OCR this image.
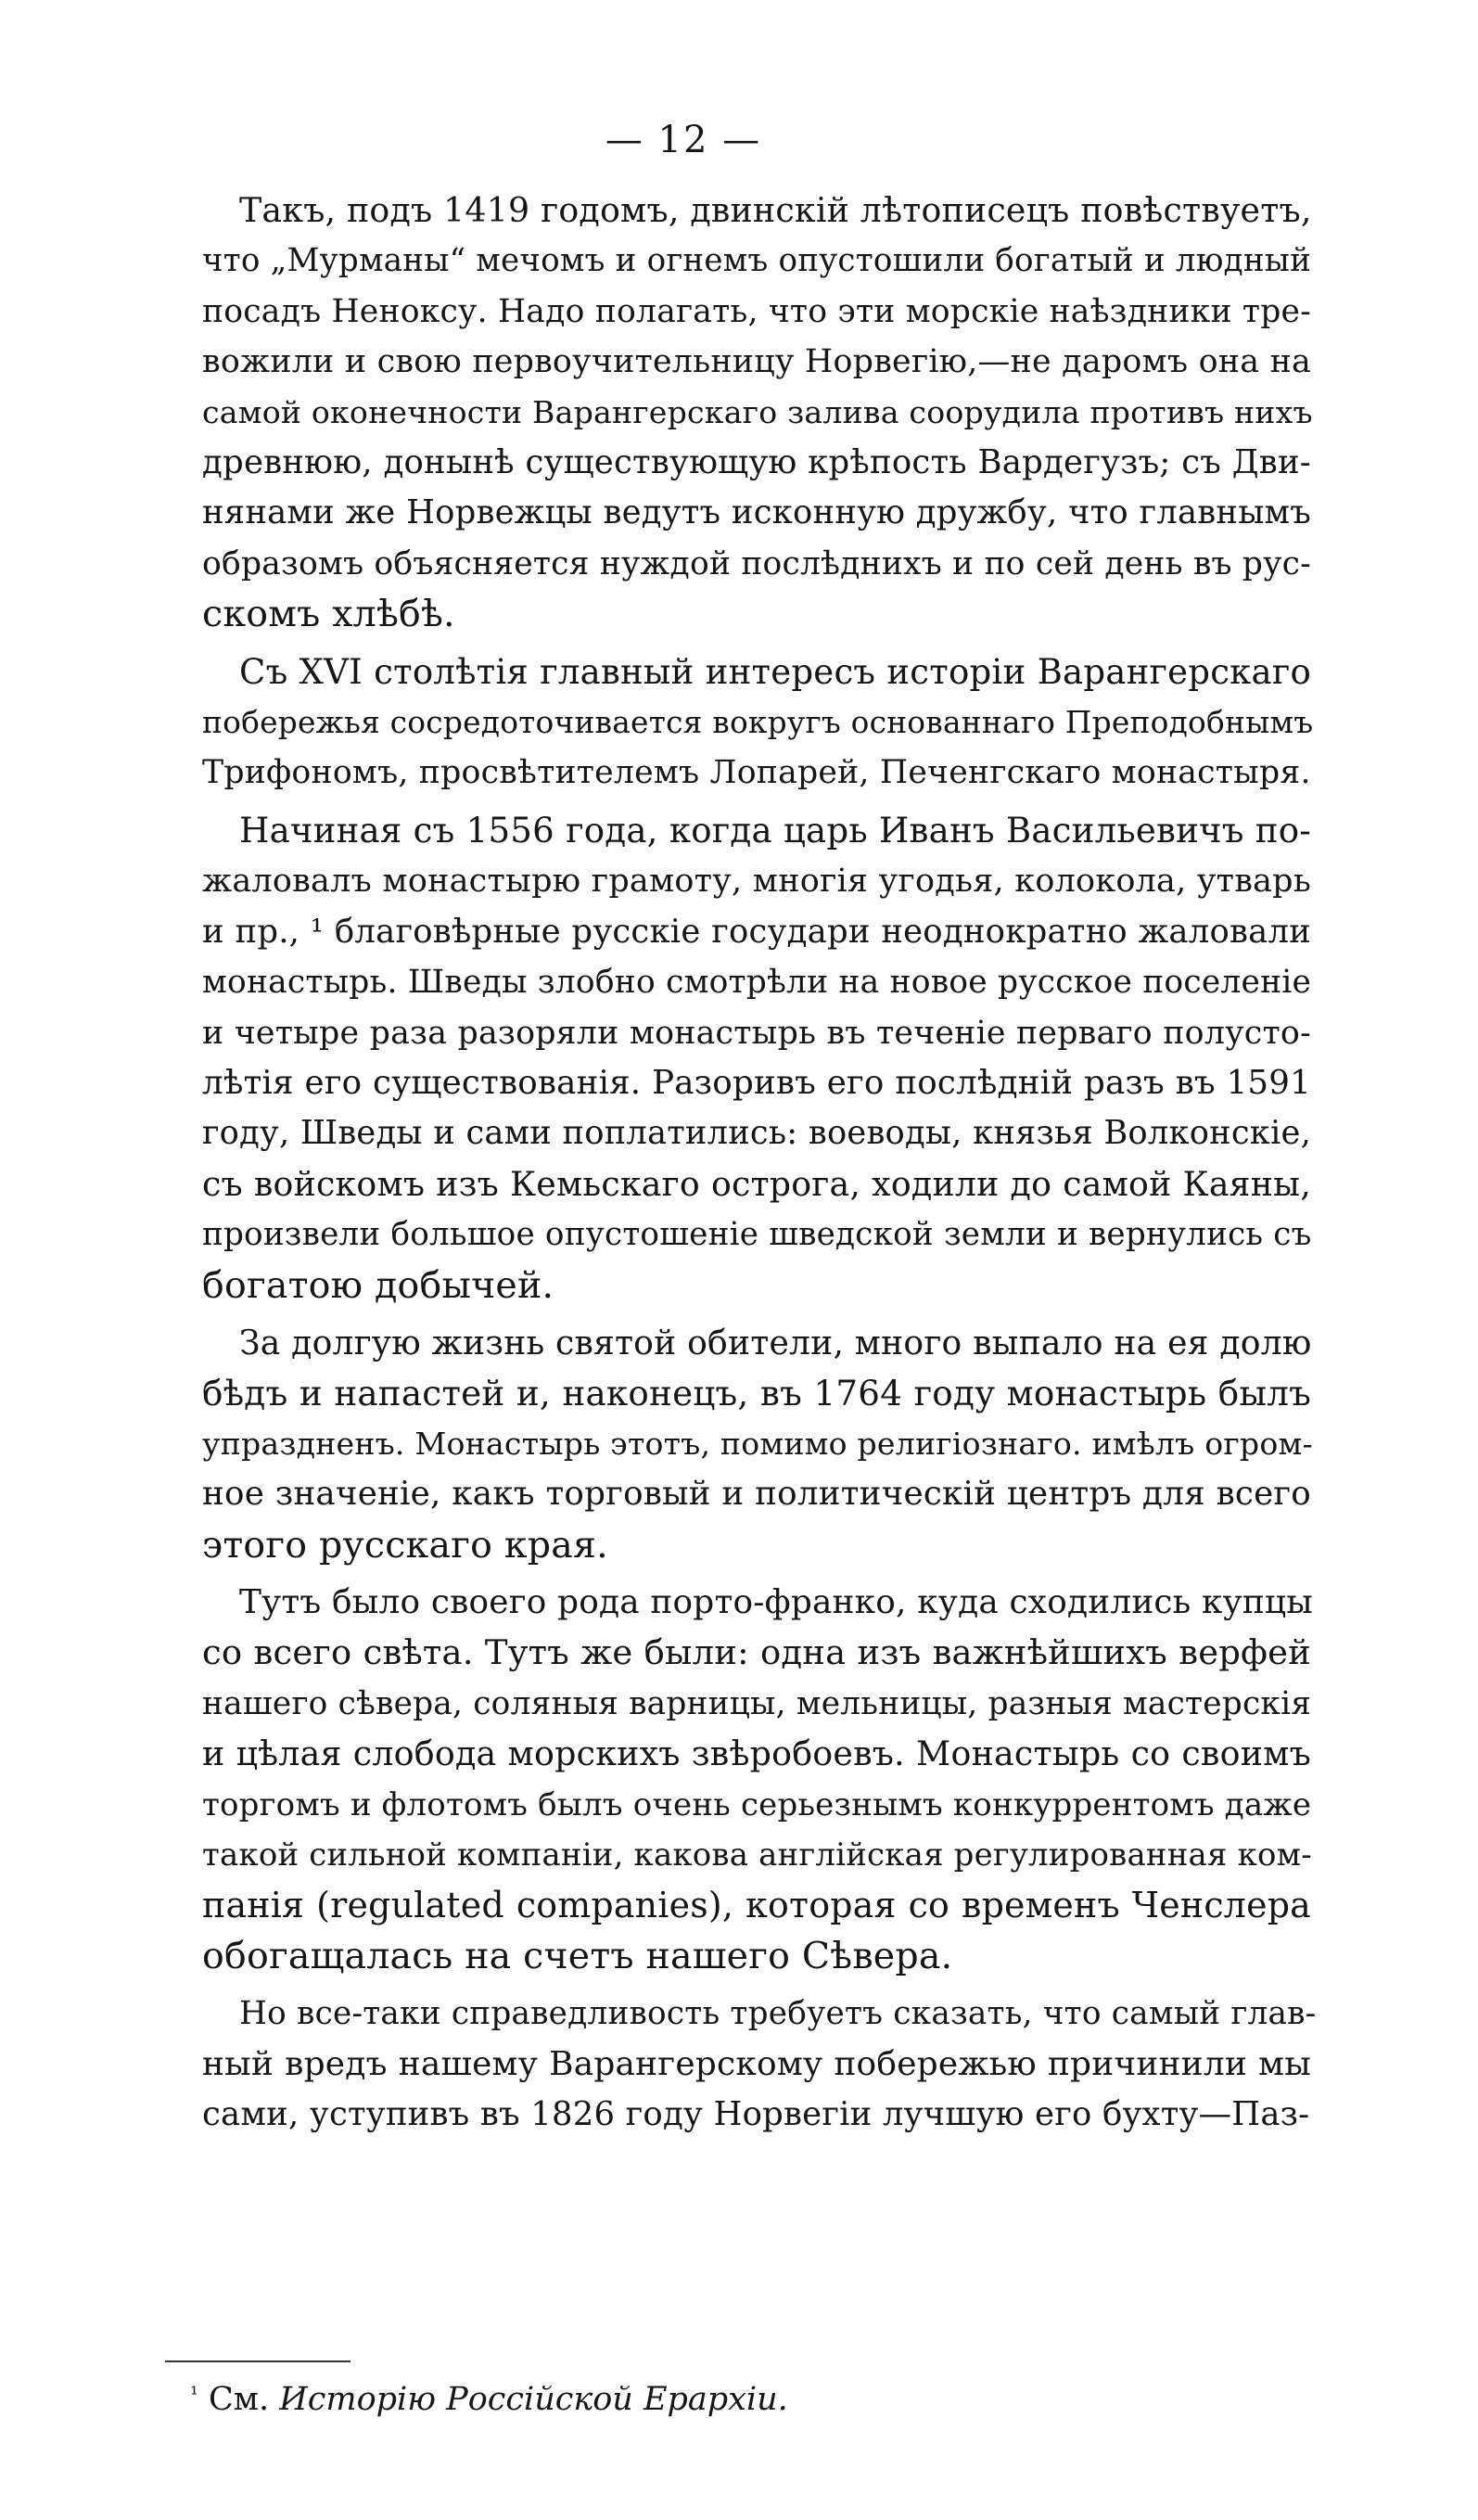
— 12 —
Такъ, подъ 1419 годомъ, двинскій лѣтописецъ повѣствуетъ,
что „Мурманы“ мечомъ и огнемъ опустошили богатый и людный
посадъ Неноксу. Надо полагать, что эти морскіе наѣздники тре-
вожили и свою первоучительницу Норвегію,—не даромъ она на
самой оконечности Варангерскаго залива соорудила противъ нихъ
древнюю, донынѣ существующую крѣпость Вардегузъ; съ Дви-
нянами же Норвежцы ведутъ исконную дружбу, что главнымъ
образомъ объясняется нуждой послѣднихъ и по сей день въ рус-
скомъ хлѣбѣ.
Съ XVI столѣтія главный интересъ исторіи Варангерскаго
побережья сосредоточивается вокругъ основаннаго Преподобнымъ
Трифономъ, просвѣтителемъ Лопарей, Печенгскаго монастыря.
Начиная съ 1556 года, когда царь Иванъ Васильевичъ по-
жаловалъ монастырю грамоту, многія угодья, колокола, утварь
и пр., ¹ благовѣрные русскіе государи неоднократно жаловали
монастырь. Шведы злобно смотрѣли на новое русское поселеніе
и четыре раза разоряли монастырь въ теченіе перваго полусто-
лѣтія его существованія. Разоривъ его послѣдній разъ въ 1591
году, Шведы и сами поплатились: воеводы, князья Волконскіе,
съ войскомъ изъ Кемьскаго острога, ходили до самой Каяны,
произвели большое опустошеніе шведской земли и вернулись съ
богатою добычей.
За долгую жизнь святой обители, много выпало на ея долю
бѣдъ и напастей и, наконецъ, въ 1764 году монастырь былъ
упраздненъ. Монастырь этотъ, помимо религіознаго. имѣлъ огром-
ное значеніе, какъ торговый и политическій центръ для всего
этого русскаго края.
Тутъ было своего рода порто-франко, куда сходились купцы
со всего свѣта. Тутъ же были: одна изъ важнѣйшихъ верфей
нашего сѣвера, соляныя варницы, мельницы, разныя мастерскія
и цѣлая слобода морскихъ звѣробоевъ. Монастырь со своимъ
торгомъ и флотомъ былъ очень серьезнымъ конкуррентомъ даже
такой сильной компаніи, какова англійская регулированная ком-
панія (regulated companies), которая со временъ Ченслера
обогащалась на счетъ нашего Сѣвера.
Но все-таки справедливость требуетъ сказать, что самый глав-
ный вредъ нашему Варангерскому побережью причинили мы
сами, уступивъ въ 1826 году Норвегіи лучшую его бухту—Паз-
$^{^1}$ См. Исторію Россійской Ерархіи.
